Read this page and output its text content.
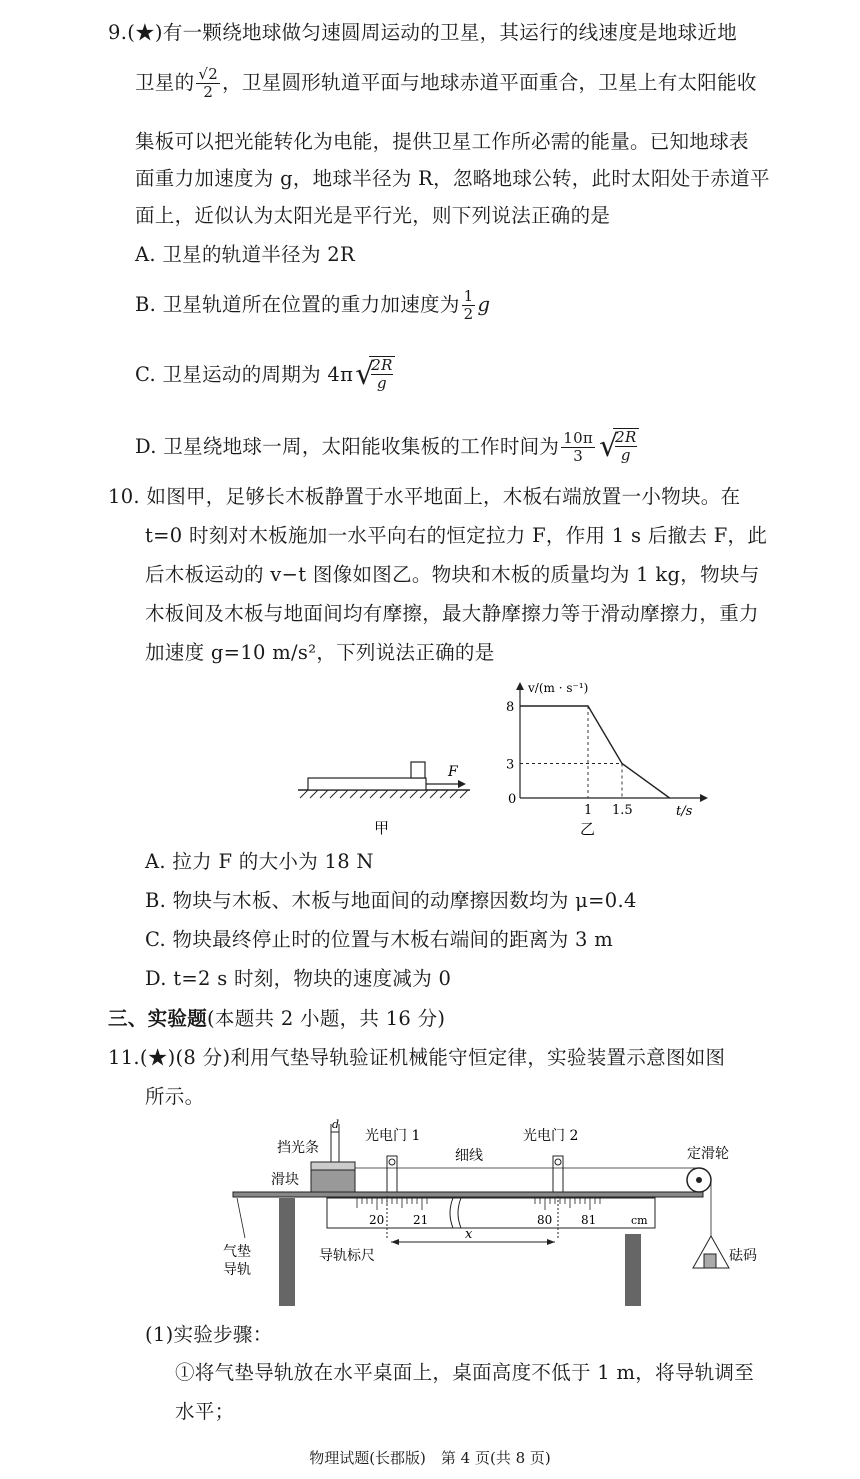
9.(★)有一颗绕地球做匀速圆周运动的卫星，其运行的线速度是地球近地
卫星的 $\frac{√2}{2}$ ，卫星圆形轨道平面与地球赤道平面重合，卫星上有太阳能收
集板可以把光能转化为电能，提供卫星工作所必需的能量。已知地球表
面重力加速度为 g，地球半径为 R，忽略地球公转，此时太阳处于赤道平
面上，近似认为太阳光是平行光，则下列说法正确的是
A. 卫星的轨道半径为 2R
B. 卫星轨道所在位置的重力加速度为 $\frac{1}{2}$ g
C. 卫星运动的周期为 4π √
$\frac{2R}{g}$
D. 卫星绕地球一周，太阳能收集板的工作时间为 $\frac{10\pi}{3}$ √
$\frac{2R}{g}$
10. 如图甲，足够长木板静置于水平地面上，木板右端放置一小物块。在
t=0 时刻对木板施加一水平向右的恒定拉力 F，作用 1 s 后撤去 F，此
后木板运动的 v−t 图像如图乙。物块和木板的质量均为 1 kg，物块与
木板间及木板与地面间均有摩擦，最大静摩擦力等于滑动摩擦力，重力
加速度 g=10 m/s²，下列说法正确的是
F
甲
v/(m · s⁻¹)
t/s
0
8
3
1 1.5
乙
A. 拉力 F 的大小为 18 N
B. 物块与木板、木板与地面间的动摩擦因数均为 μ=0.4
C. 物块最终停止时的位置与木板右端间的距离为 3 m
D. t=2 s 时刻，物块的速度减为 0
三、实验题(本题共 2 小题，共 16 分)
11.(★)(8 分)利用气垫导轨验证机械能守恒定律，实验装置示意图如图
所示。
20 21	80 81	cm
d
挡光条
滑块
光电门 1	光电门 2
x
导轨标尺
细线	定滑轮
砝码
气垫
导轨
(1)实验步骤：
①将气垫导轨放在水平桌面上，桌面高度不低于 1 m，将导轨调至
水平；
物理试题(长郡版)　第 4 页(共 8 页)
